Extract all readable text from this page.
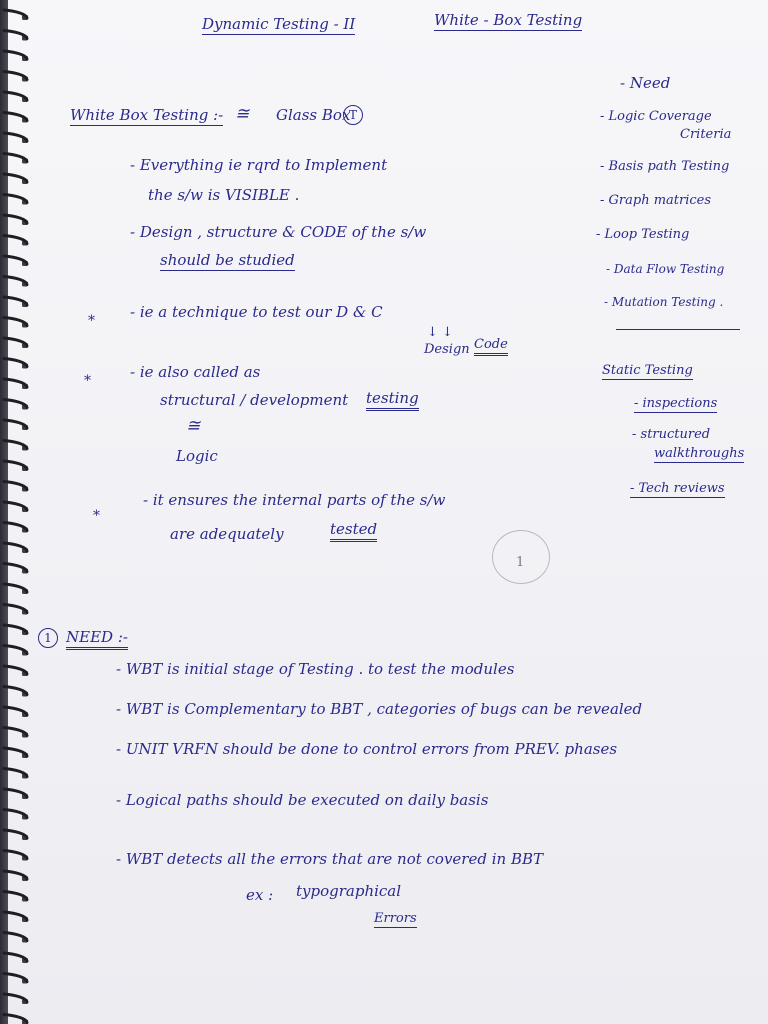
Dynamic Testing - II	White - Box Testing
White Box Testing :- ≅ Glass Box
T
- Everything ie rqrd to Implement
the s/w is VISIBLE .
- Design , structure & CODE of the s/w
should be studied
* - ie a technique to test our D & C
↓ ↓
Design Code
*	- ie also called as
structural / development testing
≅
Logic
*
- it ensures the internal parts of the s/w
are adequately	tested
1
- Need
- Logic Coverage
Criteria
- Basis path Testing
- Graph matrices
- Loop Testing
- Data Flow Testing
- Mutation Testing .
Static Testing
- inspections
- structured
walkthroughs
- Tech reviews
1 NEED :-
- WBT is initial stage of Testing . to test the modules
- WBT is Complementary to BBT , categories of bugs can be revealed
- UNIT VRFN should be done to control errors from PREV. phases
- Logical paths should be executed on daily basis
- WBT detects all the errors that are not covered in BBT
ex : typographical
Errors
